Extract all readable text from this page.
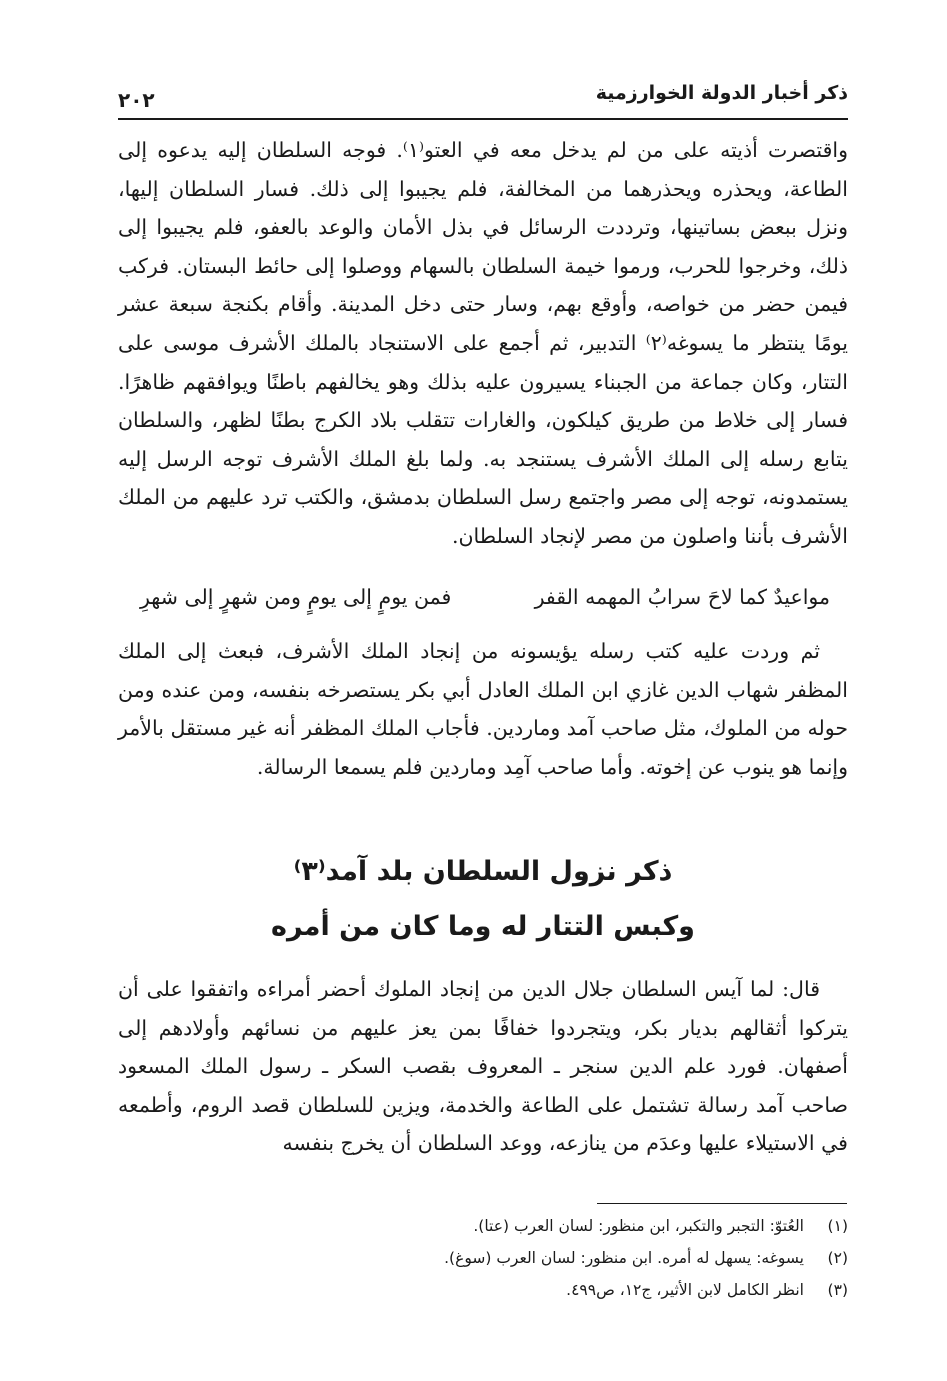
ذكر أخبار الدولة الخوارزمية
٢٠٢

واقتصرت أذيته على من لم يدخل معه في العتو⁽١⁾. فوجه السلطان إليه يدعوه إلى الطاعة، ويحذره ويحذرهما من المخالفة، فلم يجيبوا إلى ذلك. فسار السلطان إليها، ونزل ببعض بساتينها، وترددت الرسائل في بذل الأمان والوعد بالعفو، فلم يجيبوا إلى ذلك، وخرجوا للحرب، ورموا خيمة السلطان بالسهام ووصلوا إلى حائط البستان. فركب فيمن حضر من خواصه، وأوقع بهم، وسار حتى دخل المدينة. وأقام بكنجة سبعة عشر يومًا ينتظر ما يسوغه⁽٢⁾ التدبير، ثم أجمع على الاستنجاد بالملك الأشرف موسى على التتار، وكان جماعة من الجبناء يسيرون عليه بذلك وهو يخالفهم باطنًا ويوافقهم ظاهرًا. فسار إلى خلاط من طريق كيلكون، والغارات تتقلب بلاد الكرج بطنًا لظهر، والسلطان يتابع رسله إلى الملك الأشرف يستنجد به. ولما بلغ الملك الأشرف توجه الرسل إليه يستمدونه، توجه إلى مصر واجتمع رسل السلطان بدمشق، والكتب ترد عليهم من الملك الأشرف بأننا واصلون من مصر لإنجاد السلطان.

مواعيدٌ كما لاحَ سرابُ المهمه القفر
فمن يومٍ إلى يومٍ ومن شهرٍ إلى شهرِ

ثم وردت عليه كتب رسله يؤيسونه من إنجاد الملك الأشرف، فبعث إلى الملك المظفر شهاب الدين غازي ابن الملك العادل أبي بكر يستصرخه بنفسه، ومن عنده ومن حوله من الملوك، مثل صاحب آمد وماردين. فأجاب الملك المظفر أنه غير مستقل بالأمر وإنما هو ينوب عن إخوته. وأما صاحب آمِد وماردين فلم يسمعا الرسالة.

ذكر نزول السلطان بلد آمد⁽٣⁾
وكبس التتار له وما كان من أمره

قال: لما آيس السلطان جلال الدين من إنجاد الملوك أحضر أمراءه واتفقوا على أن يتركوا أثقالهم بديار بكر، ويتجردوا خفافًا بمن يعز عليهم من نسائهم وأولادهم إلى أصفهان. فورد علم الدين سنجر ـ المعروف بقصب السكر ـ رسول الملك المسعود صاحب آمد رسالة تشتمل على الطاعة والخدمة، ويزين للسلطان قصد الروم، وأطمعه في الاستيلاء عليها وعدَم من ينازعه، ووعد السلطان أن يخرج بنفسه

(١)العُتوّ: التجبر والتكبر، ابن منظور: لسان العرب (عتا).
(٢)يسوغه: يسهل له أمره. ابن منظور: لسان العرب (سوغ).
(٣)انظر الكامل لابن الأثير، ج١٢، ص٤٩٩.
